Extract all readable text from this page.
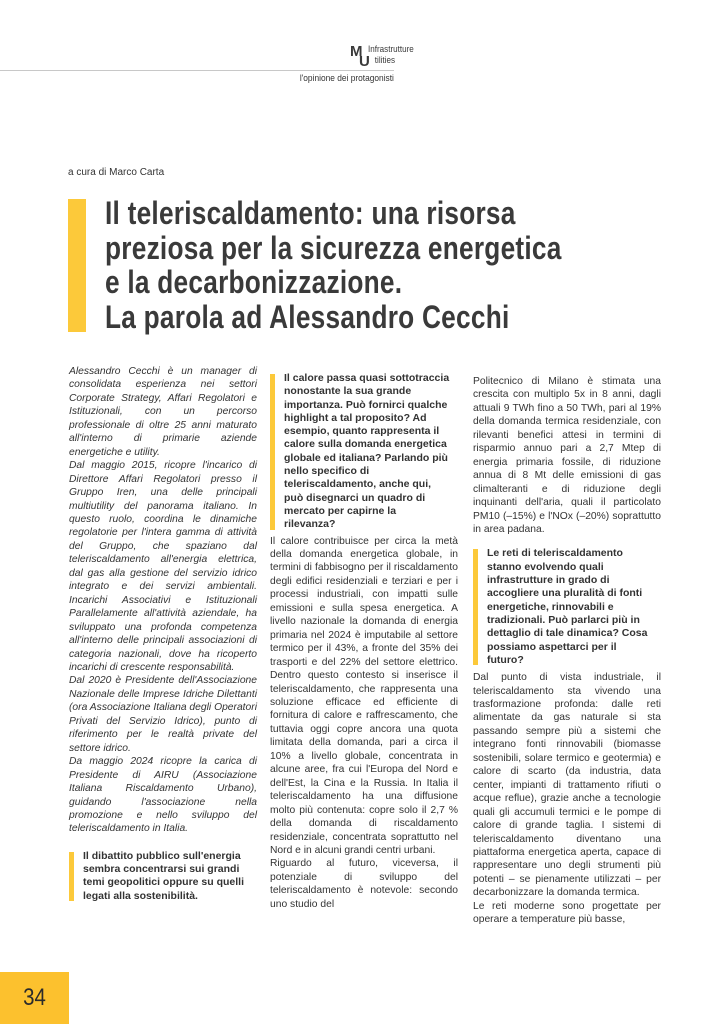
M
U
Infrastrutture
tilities
l'opinione dei protagonisti
a cura di Marco Carta
Il teleriscaldamento: una risorsa
preziosa per la sicurezza energetica
e la decarbonizzazione.
La parola ad Alessandro Cecchi

Alessandro Cecchi è un manager di consolidata esperienza nei settori Corporate Strategy, Affari Regolatori e Istituzionali, con un percorso professionale di oltre 25 anni maturato all'interno di primarie aziende energetiche e utility.

Dal maggio 2015, ricopre l'incarico di Direttore Affari Regolatori presso il Gruppo Iren, una delle principali multiutility del panorama italiano. In questo ruolo, coordina le dinamiche regolatorie per l'intera gamma di attività del Gruppo, che spaziano dal teleriscaldamento all'energia elettrica, dal gas alla gestione del servizio idrico integrato e dei servizi ambientali. Incarichi Associativi e Istituzionali Parallelamente all'attività aziendale, ha sviluppato una profonda competenza all'interno delle principali associazioni di categoria nazionali, dove ha ricoperto incarichi di crescente responsabilità.

Dal 2020 è Presidente dell'Associazione Nazionale delle Imprese Idriche Dilettanti (ora Associazione Italiana degli Operatori Privati del Servizio Idrico), punto di riferimento per le realtà private del settore idrico.

Da maggio 2024 ricopre la carica di Presidente di AIRU (Associazione Italiana Riscaldamento Urbano), guidando l'associazione nella promozione e nello sviluppo del teleriscaldamento in Italia.

Il dibattito pubblico sull'energia sembra concentrarsi sui grandi temi geopolitici oppure su quelli legati alla sostenibilità.
Il calore passa quasi sottotraccia nonostante la sua grande importanza. Può fornirci qualche highlight a tal proposito? Ad esempio, quanto rappresenta il calore sulla domanda energetica globale ed italiana? Parlando più nello specifico di teleriscaldamento, anche qui, può disegnarci un quadro di mercato per capirne la rilevanza?

Il calore contribuisce per circa la metà della domanda energetica globale, in termini di fabbisogno per il riscaldamento degli edifici residenziali e terziari e per i processi industriali, con impatti sulle emissioni e sulla spesa energetica. A livello nazionale la domanda di energia primaria nel 2024 è imputabile al settore termico per il 43%, a fronte del 35% dei trasporti e del 22% del settore elettrico. Dentro questo contesto si inserisce il teleriscaldamento, che rappresenta una soluzione efficace ed efficiente di fornitura di calore e raffrescamento, che tuttavia oggi copre ancora una quota limitata della domanda, pari a circa il 10% a livello globale, concentrata in alcune aree, fra cui l'Europa del Nord e dell'Est, la Cina e la Russia. In Italia il teleriscaldamento ha una diffusione molto più contenuta: copre solo il 2,7 % della domanda di riscaldamento residenziale, concentrata soprattutto nel Nord e in alcuni grandi centri urbani.

Riguardo al futuro, viceversa, il potenziale di sviluppo del teleriscaldamento è notevole: secondo uno studio del

Politecnico di Milano è stimata una crescita con multiplo 5x in 8 anni, dagli attuali 9 TWh fino a 50 TWh, pari al 19% della domanda termica residenziale, con rilevanti benefici attesi in termini di risparmio annuo pari a 2,7 Mtep di energia primaria fossile, di riduzione annua di 8 Mt delle emissioni di gas climalteranti e di riduzione degli inquinanti dell'aria, quali il particolato PM10 (–15%) e l'NOx (–20%) soprattutto in area padana.

Le reti di teleriscaldamento stanno evolvendo quali infrastrutture in grado di accogliere una pluralità di fonti energetiche, rinnovabili e tradizionali. Può parlarci più in dettaglio di tale dinamica? Cosa possiamo aspettarci per il futuro?

Dal punto di vista industriale, il teleriscaldamento sta vivendo una trasformazione profonda: dalle reti alimentate da gas naturale si sta passando sempre più a sistemi che integrano fonti rinnovabili (biomasse sostenibili, solare termico e geotermia) e calore di scarto (da industria, data center, impianti di trattamento rifiuti o acque reflue), grazie anche a tecnologie quali gli accumuli termici e le pompe di calore di grande taglia. I sistemi di teleriscaldamento diventano una piattaforma energetica aperta, capace di rappresentare uno degli strumenti più potenti – se pienamente utilizzati – per decarbonizzare la domanda termica.

Le reti moderne sono progettate per operare a temperature più basse,

34
